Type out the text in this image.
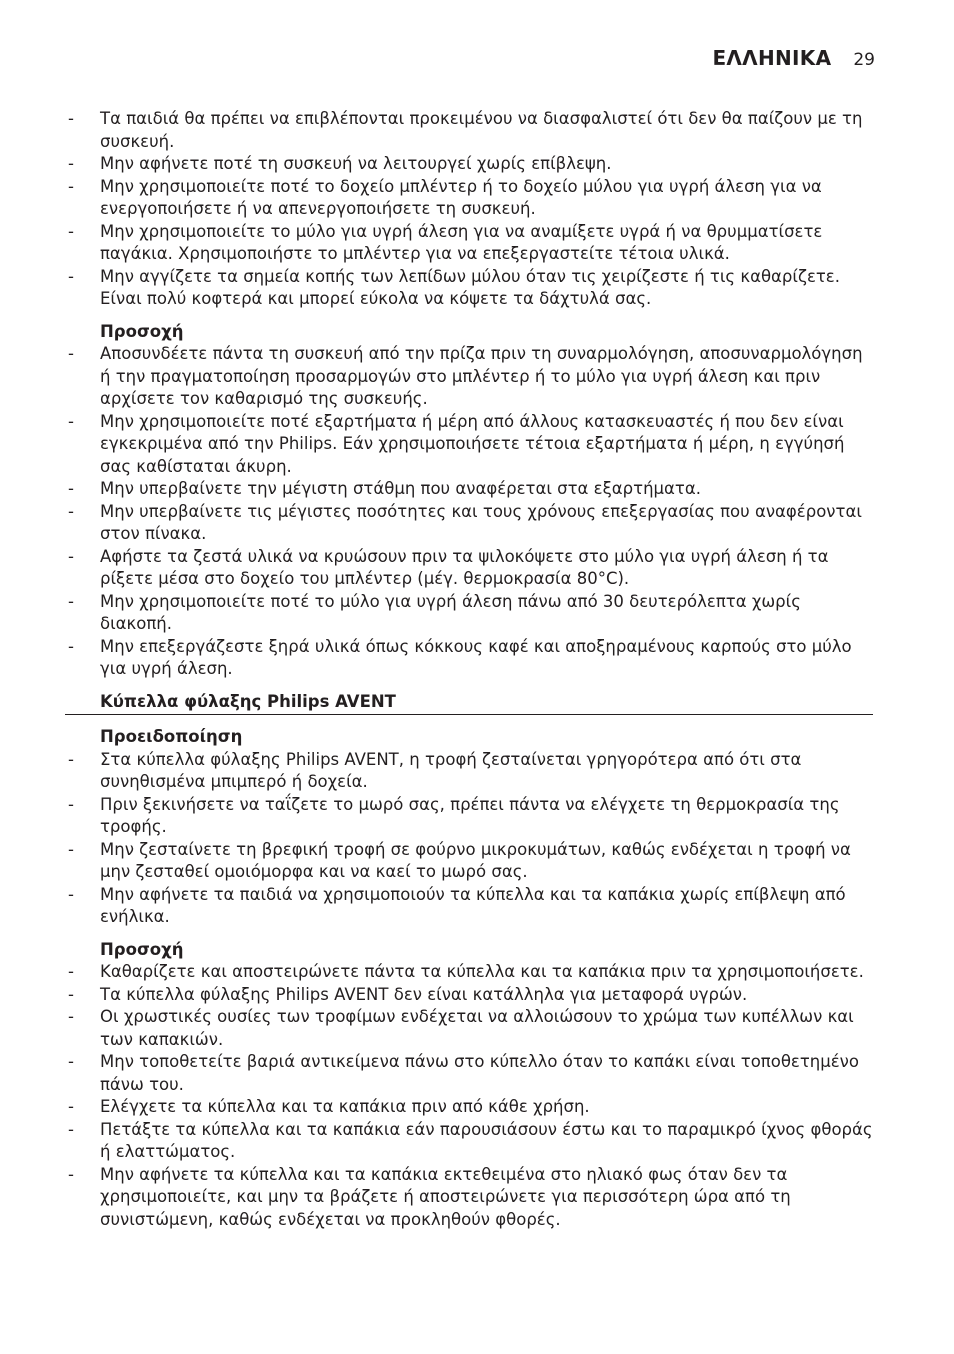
ΕΛΛΗΝΙΚΑ 29
- Τα παιδιά θα πρέπει να επιβλέπονται προκειμένου να διασφαλιστεί ότι δεν θα παίζουν με τη συσκευή.
- Μην αφήνετε ποτέ τη συσκευή να λειτουργεί χωρίς επίβλεψη.
- Μην χρησιμοποιείτε ποτέ το δοχείο μπλέντερ ή το δοχείο μύλου για υγρή άλεση για να ενεργοποιήσετε ή να απενεργοποιήσετε τη συσκευή.
- Μην χρησιμοποιείτε το μύλο για υγρή άλεση για να αναμίξετε υγρά ή να θρυμματίσετε παγάκια. Χρησιμοποιήστε το μπλέντερ για να επεξεργαστείτε τέτοια υλικά.
- Μην αγγίζετε τα σημεία κοπής των λεπίδων μύλου όταν τις χειρίζεστε ή τις καθαρίζετε. Είναι πολύ κοφτερά και μπορεί εύκολα να κόψετε τα δάχτυλά σας.
Προσοχή
- Αποσυνδέετε πάντα τη συσκευή από την πρίζα πριν τη συναρμολόγηση, αποσυναρμολόγηση ή την πραγματοποίηση προσαρμογών στο μπλέντερ ή το μύλο για υγρή άλεση και πριν αρχίσετε τον καθαρισμό της συσκευής.
- Μην χρησιμοποιείτε ποτέ εξαρτήματα ή μέρη από άλλους κατασκευαστές ή που δεν είναι εγκεκριμένα από την Philips. Εάν χρησιμοποιήσετε τέτοια εξαρτήματα ή μέρη, η εγγύησή σας καθίσταται άκυρη.
- Μην υπερβαίνετε την μέγιστη στάθμη που αναφέρεται στα εξαρτήματα.
- Μην υπερβαίνετε τις μέγιστες ποσότητες και τους χρόνους επεξεργασίας που αναφέρονται στον πίνακα.
- Αφήστε τα ζεστά υλικά να κρυώσουν πριν τα ψιλοκόψετε στο μύλο για υγρή άλεση ή τα ρίξετε μέσα στο δοχείο του μπλέντερ (μέγ. θερμοκρασία 80°C).
- Μην χρησιμοποιείτε ποτέ το μύλο για υγρή άλεση πάνω από 30 δευτερόλεπτα χωρίς διακοπή.
- Μην επεξεργάζεστε ξηρά υλικά όπως κόκκους καφέ και αποξηραμένους καρπούς στο μύλο για υγρή άλεση.
Κύπελλα φύλαξης Philips AVENT
Προειδοποίηση
- Στα κύπελλα φύλαξης Philips AVENT, η τροφή ζεσταίνεται γρηγορότερα από ότι στα συνηθισμένα μπιμπερό ή δοχεία.
- Πριν ξεκινήσετε να ταΐζετε το μωρό σας, πρέπει πάντα να ελέγχετε τη θερμοκρασία της τροφής.
- Μην ζεσταίνετε τη βρεφική τροφή σε φούρνο μικροκυμάτων, καθώς ενδέχεται η τροφή να μην ζεσταθεί ομοιόμορφα και να καεί το μωρό σας.
- Μην αφήνετε τα παιδιά να χρησιμοποιούν τα κύπελλα και τα καπάκια χωρίς επίβλεψη από ενήλικα.
Προσοχή
- Καθαρίζετε και αποστειρώνετε πάντα τα κύπελλα και τα καπάκια πριν τα χρησιμοποιήσετε.
- Τα κύπελλα φύλαξης Philips AVENT δεν είναι κατάλληλα για μεταφορά υγρών.
- Οι χρωστικές ουσίες των τροφίμων ενδέχεται να αλλοιώσουν το χρώμα των κυπέλλων και των καπακιών.
- Μην τοποθετείτε βαριά αντικείμενα πάνω στο κύπελλο όταν το καπάκι είναι τοποθετημένο πάνω του.
- Ελέγχετε τα κύπελλα και τα καπάκια πριν από κάθε χρήση.
- Πετάξτε τα κύπελλα και τα καπάκια εάν παρουσιάσουν έστω και το παραμικρό ίχνος φθοράς ή ελαττώματος.
- Μην αφήνετε τα κύπελλα και τα καπάκια εκτεθειμένα στο ηλιακό φως όταν δεν τα χρησιμοποιείτε, και μην τα βράζετε ή αποστειρώνετε για περισσότερη ώρα από τη συνιστώμενη, καθώς ενδέχεται να προκληθούν φθορές.
